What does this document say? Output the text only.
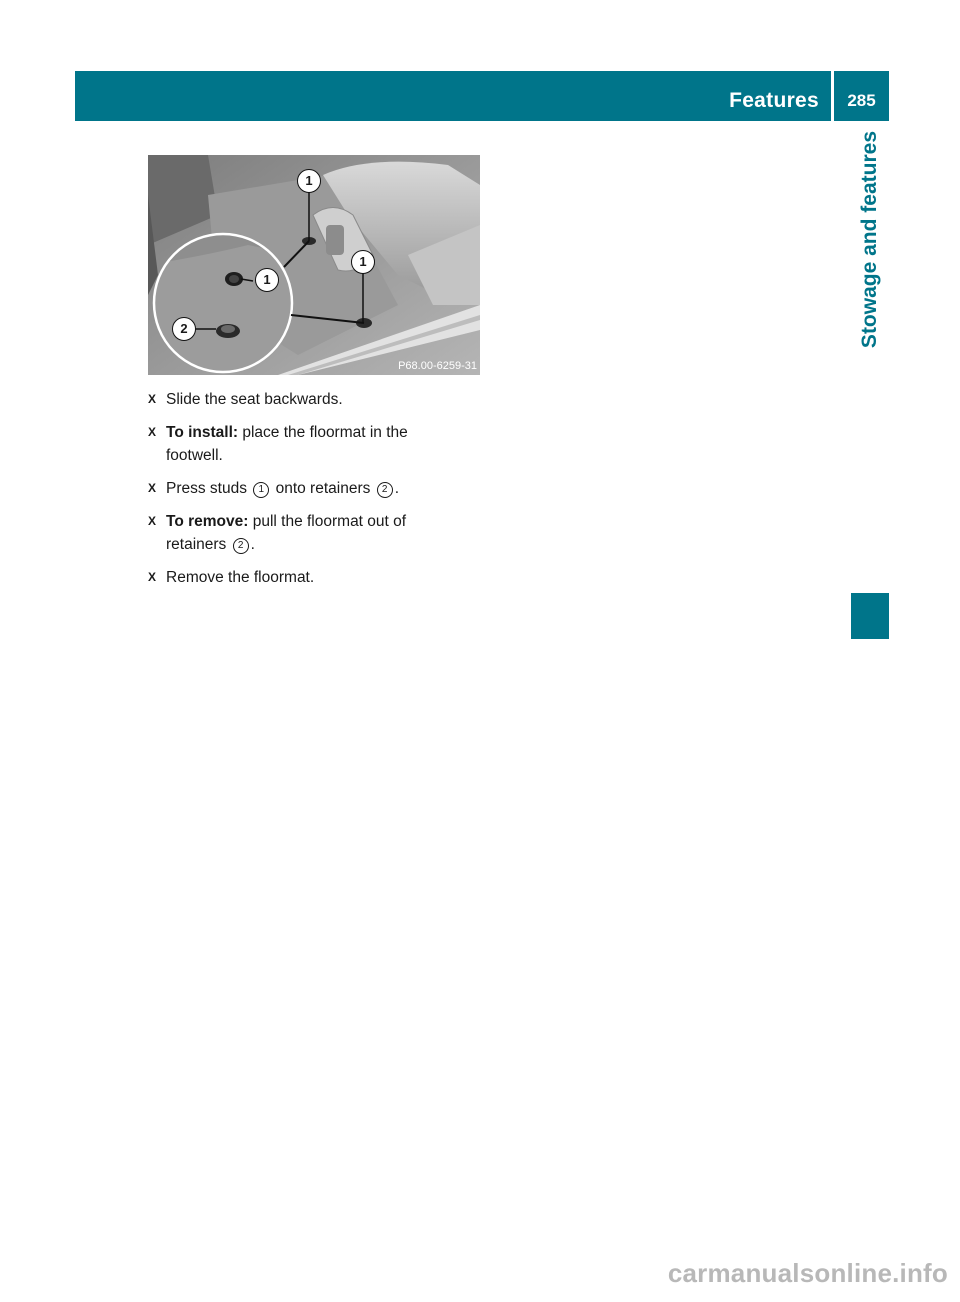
Features	285
Stowage and features
1
1
1
2
P68.00-6259-31
X Slide the seat backwards.
X To install: place the floormat in the footwell.
X Press studs 1 onto retainers 2 .
X To remove: pull the floormat out of retainers 2 .
X Remove the floormat.
carmanualsonline.info
